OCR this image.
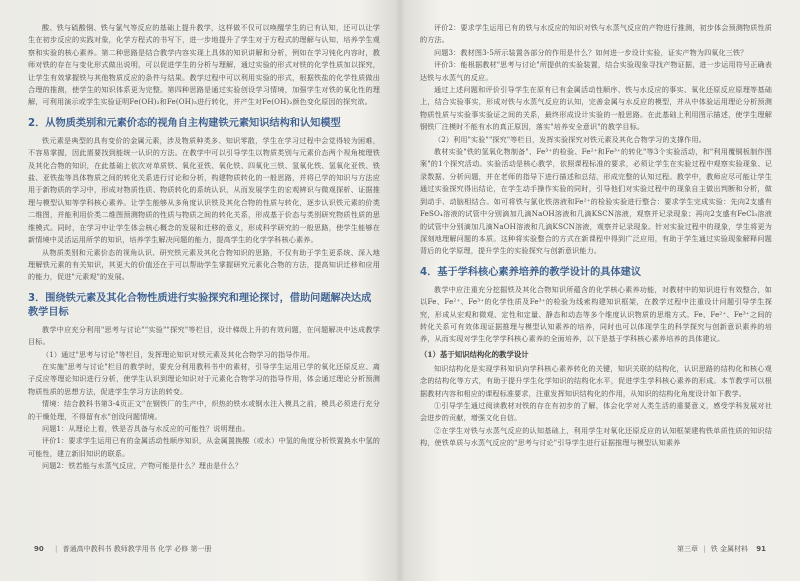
酸、铁与硫酸铜、铁与氯气等反应的基础上提升教学，这样做不仅可以唤醒学生的已有认知，还可以让学生在初步反应的实践对象，化学方程式的书写下，进一步地提升了学生对于方程式的理解与认知，培养学生观察和实验的核心素养。第二种思路是结合教学内容实现上具体的知识讲解和分析，例如在学习钝化内容时，教师对铁的存在与变化形式做出说明，可以促进学生的分析与理解，通过实验的形式对铁的化学性质加以探究，让学生有效掌握铁与其他物质反应的条件与结果。教学过程中可以利用实验的形式，根据铁盐的化学性质做出合理的推测，使学生的知识体系更为完整。第四种思路是通过实验创设学习情境，加强学生对铁的氧化性的理解，可利用演示或学生实验证明Fe(OH)₂和Fe(OH)₃进行转化，并产生对Fe(OH)₂颜色变化原因的探究欲。

2．从物质类别和元素价态的视角自主构建铁元素知识结构和认知模型

铁元素是典型的具有变价的金属元素，涉及物质种类多、知识零散，学生在学习过程中会觉得较为困难，不容易掌握，因此需要找到能统一认识的方法。在教学中可以引导学生以物质类别与元素价态两个视角梳理铁及其化合物的知识，在此基础上依次对单质铁、氧化亚铁、氧化铁、四氧化三铁、氢氧化铁、氢氧化亚铁、铁盐、亚铁盐等具体物质之间的转化关系进行讨论和分析，构建物质转化的一般思路，并将已学的知识与方法应用于新物质的学习中，形成对物质性质、物质转化的系统认识，从而发展学生的宏观辨识与微观探析、证据推理与模型认知等学科核心素养。让学生能够从多角度认识铁及其化合物的性质与转化，逐步认识铁元素的价类二维图，并能利用价类二维图预测物质的性质与物质之间的转化关系，形成基于价态与类别研究物质性质的思维模式。同时，在学习中让学生体会核心概念的发展和迁移的意义，形成科学研究的一般思路，使学生能够在新情境中灵活运用所学的知识，培养学生解决问题的能力，提高学生的化学学科核心素养。

从物质类别和元素价态的视角认识、研究铁元素及其化合物知识的思路，不仅有助于学生更系统、深入地理解铁元素的有关知识，其更大的价值还在于可以帮助学生掌握研究元素化合物的方法，提高知识迁移和应用的能力，促进"元素观"的发展。

3．围绕铁元素及其化合物性质进行实验探究和理论探讨，借助问题解决达成教学目标

教学中应充分利用"思考与讨论""实验""探究"等栏目，设计梯级上升的有效问题，在问题解决中达成教学目标。

（1）通过"思考与讨论"等栏目，发挥理论知识对铁元素及其化合物学习的指导作用。

在实施"思考与讨论"栏目的教学时，要充分利用教科书中的素材，引导学生运用已学的氧化还原反应、离子反应等理论知识进行分析，使学生认识到理论知识对于元素化合物学习的指导作用，体会通过理论分析预测物质性质的思想方法，促进学生学习方法的转变。

情境：结合教科书第3-4页正文"在钢铁厂的生产中，炽热的铁水或钢水注入模具之前，模具必须进行充分的干燥处理，不得留有水"创设问题情境。

问题1：从理论上看，铁是否具备与水反应的可能性？说明理由。

评价1：要求学生运用已有的金属活动性顺序知识，从金属置换酸（或水）中氢的角度分析铁置换水中氢的可能性，建立新旧知识的联系。

问题2：铁若能与水蒸气反应，产物可能是什么？理由是什么？

评价2：要求学生运用已有的铁与水反应的知识对铁与水蒸气反应的产物进行推测，初步体会预测物质性质的方法。

问题3：教材图3-5所示装置各部分的作用是什么？如何进一步设计实验，证实产物为四氧化三铁？

评价3：能根据教材"思考与讨论"所提供的实验装置，结合实验现象寻找产物证据，进一步运用符号正确表达铁与水蒸气的反应。

通过上述问题和评价引导学生在原有已有金属活动性顺序、铁与水反应的事实、氧化还原反应原理等基础上，结合实验事实，形成对铁与水蒸气反应的认知，完善金属与水反应的模型，并从中体验运用理论分析预测物质性质与实验事实验证之间的关系，最终形成设计实验的一般思路。在此基础上利用图示描述，使学生理解钢铁厂注模时不能有水的真正原因，落实"培养安全意识"的教学目标。

（2）利用"实验""探究"等栏目，发挥实验探究对铁元素及其化合物学习的支撑作用。

教材实验"铁的氢氧化物制备"、Fe³⁺的检验、Fe²⁺和Fe³⁺的转化"等3个实验活动，和"利用覆铜板制作图案"的1个探究活动。实验活动是核心教学，依照课程标准的要求，必须让学生在实验过程中观察实验现象、记录数据、分析问题，并在老师的指导下进行描述和总结，形成完整的认知过程。教学中，教师应尽可能让学生通过实验探究得出结论，在学生动手操作实验的同时，引导他们对实验过程中的现象自主做出判断和分析，做到动手、动脑相结合。如可将铁与氯化铁溶液和Fe²⁺的检验实验进行整合：要求学生完成实验：先向2支盛有FeSO₄溶液的试管中分别滴加几滴NaOH溶液和几滴KSCN溶液，观察并记录现象；再向2支盛有FeCl₃溶液的试管中分别滴加几滴NaOH溶液和几滴KSCN溶液，观察并记录现象。针对实验过程中的现象，学生将更为深刻地理解问题的本质。这种将实验整合的方式在新课程中得到广泛应用，有助于学生通过实验现象解释问题背后的化学原理，提升学生的实验探究与创新意识能力。

4．基于学科核心素养培养的教学设计的具体建议

教学中应注重充分挖掘铁及其化合物知识所蕴含的化学核心素养功能，对教材中的知识进行有效整合，如以Fe、Fe²⁺、Fe³⁺的化学性质及Fe³⁺的检验为线索构建知识框架，在教学过程中注重设计问题引导学生探究，形成从宏观和微观、定性和定量、静态和动态等多个维度认识物质的思维方式。Fe、Fe²⁺、Fe³⁺之间的转化关系可有效体现证据推理与模型认知素养的培养，同时也可以体现学生的科学探究与创新意识素养的培养，从而实现对学生化学学科核心素养的全面培养，以下是基于学科核心素养培养的具体建议。

（1）基于知识结构化的教学设计

知识结构化是实现学科知识向学科核心素养转化的关键，知识关联的结构化，认识思路的结构化和核心观念的结构化等方式，有助于提升学生化学知识的结构化水平，促进学生学科核心素养的形成。本节教学可以根据教材内容和相应的课程标准要求，注重发挥知识结构化的作用，从知识的结构化角度设计如下教学。

①引导学生通过阅读教材对铁的存在有初步的了解，体会化学对人类生活的重要意义，感受学科发展对社会进步的贡献，增强文化自信。

②在学生对铁与水蒸气反应的认知基础上，利用学生对氧化还原反应的认知框架建构铁单质性质的知识结构，使铁单质与水蒸气反应的"思考与讨论"引导学生进行证据推理与模型认知素养

90 | 普通高中教科书 教师教学用书 化学 必修 第一册	第三章 | 铁 金属材料 91
